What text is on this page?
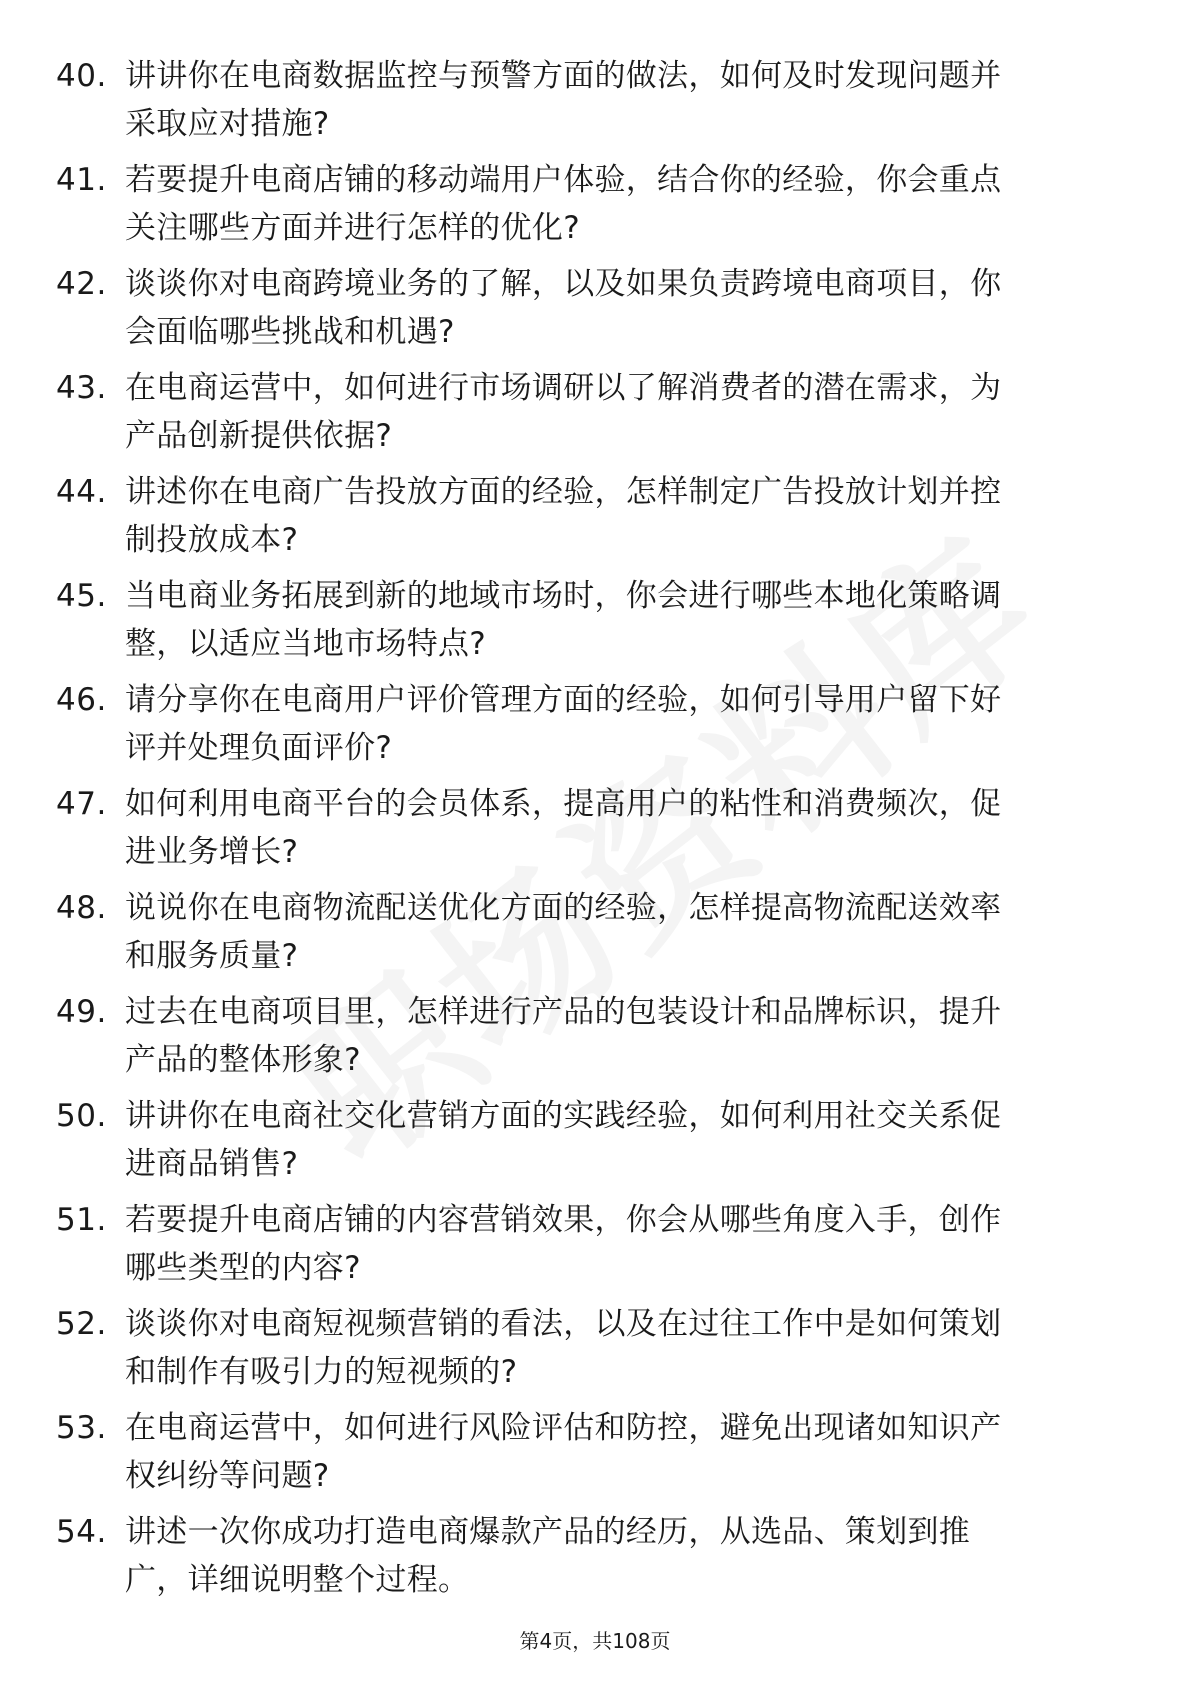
40. 讲讲你在电商数据监控与预警方面的做法，如何及时发现问题并
采取应对措施?
41. 若要提升电商店铺的移动端用户体验，结合你的经验，你会重点
关注哪些方面并进行怎样的优化?
42. 谈谈你对电商跨境业务的了解，以及如果负责跨境电商项目，你
会面临哪些挑战和机遇?
43. 在电商运营中，如何进行市场调研以了解消费者的潜在需求，为
产品创新提供依据?
44. 讲述你在电商广告投放方面的经验，怎样制定广告投放计划并控
制投放成本?
45. 当电商业务拓展到新的地域市场时，你会进行哪些本地化策略调
整，以适应当地市场特点?
46. 请分享你在电商用户评价管理方面的经验，如何引导用户留下好
评并处理负面评价?
47. 如何利用电商平台的会员体系，提高用户的粘性和消费频次，促
进业务增长?
48. 说说你在电商物流配送优化方面的经验，怎样提高物流配送效率
和服务质量?
49. 过去在电商项目里，怎样进行产品的包装设计和品牌标识，提升
产品的整体形象?
50. 讲讲你在电商社交化营销方面的实践经验，如何利用社交关系促
进商品销售?
51. 若要提升电商店铺的内容营销效果，你会从哪些角度入手，创作
哪些类型的内容?
52. 谈谈你对电商短视频营销的看法，以及在过往工作中是如何策划
和制作有吸引力的短视频的?
53. 在电商运营中，如何进行风险评估和防控，避免出现诸如知识产
权纠纷等问题?
54. 讲述一次你成功打造电商爆款产品的经历，从选品、策划到推
广，详细说明整个过程。
第4页，共108页
